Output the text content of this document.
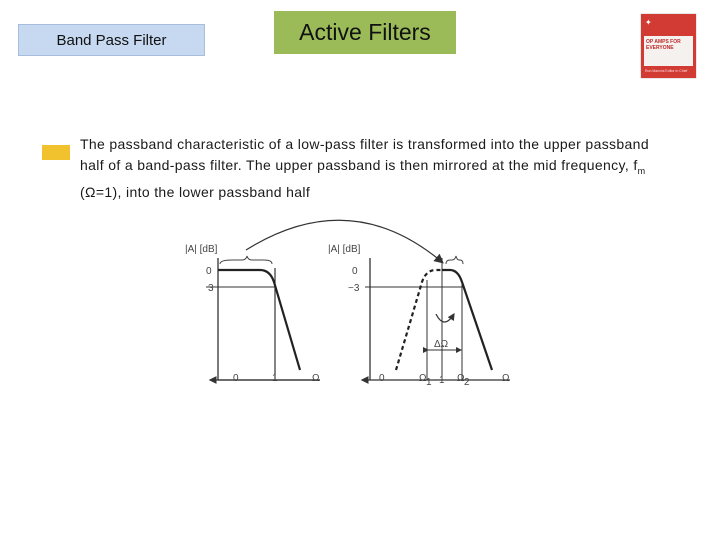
Band Pass Filter	Active Filters	✦
OP AMPS FOR EVERYONE
Ron Mancini Editor in Chief
The passband characteristic of a low-pass filter is transformed into the upper passband half of a band-pass filter. The upper passband is then mirrored at the mid frequency, $f_m$ (Ω=1), into the lower passband half
|A| [dB]
0
3
0	1	Ω
ΔΩ
|A| [dB]
0
−3
0	Ω 1 1 Ω 2	Ω
